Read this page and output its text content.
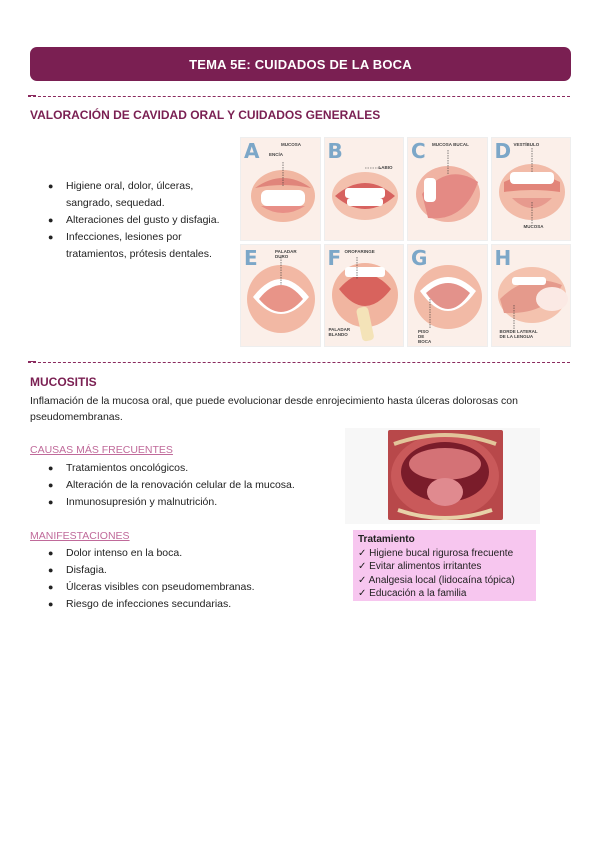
TEMA 5E: CUIDADOS DE LA BOCA
VALORACIÓN DE CAVIDAD ORAL Y CUIDADOS GENERALES
● Higiene oral, dolor, úlceras, sangrado, sequedad.
● Alteraciones del gusto y disfagia.
● Infecciones, lesiones por tratamientos, prótesis dentales.
A	MUCOSA
ENCÍA B
LABIO
C MUCOSA BUCAL D VESTÍBULO
MUCOSA
E	PALADAR DURO	F OROFARINGE
PALADAR BLANDO
G
PISO DE BOCA
H
BORDE LATERAL DE LA LENGUA
MUCOSITIS
Inflamación de la mucosa oral, que puede evolucionar desde enrojecimiento hasta úlceras dolorosas con pseudomembranas.
CAUSAS MÁS FRECUENTES
● Tratamientos oncológicos.
● Alteración de la renovación celular de la mucosa.
● Inmunosupresión y malnutrición.
MANIFESTACIONES
● Dolor intenso en la boca.
● Disfagia.
● Úlceras visibles con pseudomembranas.
● Riesgo de infecciones secundarias.
Tratamiento
✓ Higiene bucal rigurosa frecuente
✓ Evitar alimentos irritantes
✓ Analgesia local (lidocaína tópica)
✓ Educación a la familia
